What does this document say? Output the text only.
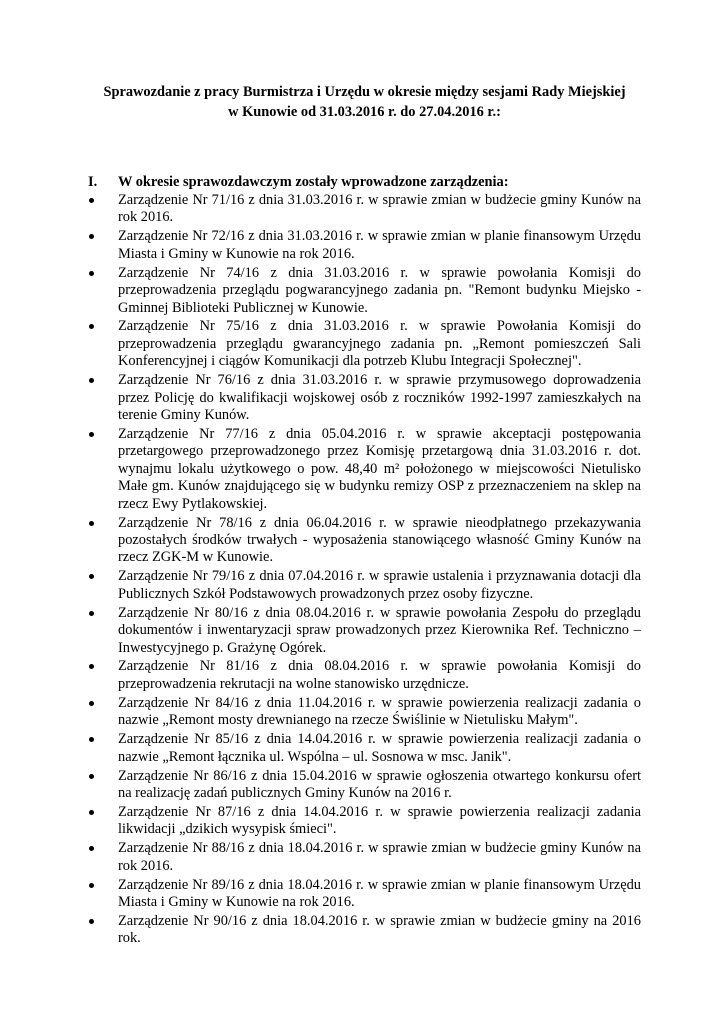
Sprawozdanie z pracy Burmistrza i Urzędu w okresie między sesjami Rady Miejskiej
w Kunowie od 31.03.2016 r. do 27.04.2016 r.:

I.	W okresie sprawozdawczym zostały wprowadzone zarządzenia:
Zarządzenie Nr 71/16 z dnia 31.03.2016 r. w sprawie zmian w budżecie gminy Kunów na rok 2016.
Zarządzenie Nr 72/16 z dnia 31.03.2016 r. w sprawie zmian w planie finansowym Urzędu Miasta i Gminy w Kunowie na rok 2016.
Zarządzenie Nr 74/16 z dnia 31.03.2016 r. w sprawie powołania Komisji do przeprowadzenia przeglądu pogwarancyjnego zadania pn. "Remont budynku Miejsko - Gminnej Biblioteki Publicznej w Kunowie.
Zarządzenie Nr 75/16 z dnia 31.03.2016 r. w sprawie Powołania Komisji do przeprowadzenia przeglądu gwarancyjnego zadania pn. „Remont pomieszczeń Sali Konferencyjnej i ciągów Komunikacji dla potrzeb Klubu Integracji Społecznej".
Zarządzenie Nr 76/16 z dnia 31.03.2016 r. w sprawie przymusowego doprowadzenia przez Policję do kwalifikacji wojskowej osób z roczników 1992-1997 zamieszkałych na terenie Gminy Kunów.
Zarządzenie Nr 77/16 z dnia 05.04.2016 r. w sprawie akceptacji postępowania przetargowego przeprowadzonego przez Komisję przetargową dnia 31.03.2016 r. dot. wynajmu lokalu użytkowego o pow. 48,40 m² położonego w miejscowości Nietulisko Małe gm. Kunów znajdującego się w budynku remizy OSP z przeznaczeniem na sklep na rzecz Ewy Pytlakowskiej.
Zarządzenie Nr 78/16 z dnia 06.04.2016 r. w sprawie nieodpłatnego przekazywania pozostałych środków trwałych - wyposażenia stanowiącego własność Gminy Kunów na rzecz ZGK-M w Kunowie.
Zarządzenie Nr 79/16 z dnia 07.04.2016 r. w sprawie ustalenia i przyznawania dotacji dla Publicznych Szkół Podstawowych prowadzonych przez osoby fizyczne.
Zarządzenie Nr 80/16 z dnia 08.04.2016 r. w sprawie powołania Zespołu do przeglądu dokumentów i inwentaryzacji spraw prowadzonych przez Kierownika Ref. Techniczno – Inwestycyjnego p. Grażynę Ogórek.
Zarządzenie Nr 81/16 z dnia 08.04.2016 r. w sprawie powołania Komisji do przeprowadzenia rekrutacji na wolne stanowisko urzędnicze.
Zarządzenie Nr 84/16 z dnia 11.04.2016 r. w sprawie powierzenia realizacji zadania o nazwie „Remont mosty drewnianego na rzecze Świślinie w Nietulisku Małym".
Zarządzenie Nr 85/16 z dnia 14.04.2016 r. w sprawie powierzenia realizacji zadania o nazwie „Remont łącznika ul. Wspólna – ul. Sosnowa w msc. Janik".
Zarządzenie Nr 86/16 z dnia 15.04.2016 w sprawie ogłoszenia otwartego konkursu ofert na realizację zadań publicznych Gminy Kunów na 2016 r.
Zarządzenie Nr 87/16 z dnia 14.04.2016 r. w sprawie powierzenia realizacji zadania likwidacji „dzikich wysypisk śmieci".
Zarządzenie Nr 88/16 z dnia 18.04.2016 r. w sprawie zmian w budżecie gminy Kunów na rok 2016.
Zarządzenie Nr 89/16 z dnia 18.04.2016 r. w sprawie zmian w planie finansowym Urzędu Miasta i Gminy w Kunowie na rok 2016.
Zarządzenie Nr 90/16 z dnia 18.04.2016 r. w sprawie zmian w budżecie gminy na 2016 rok.
